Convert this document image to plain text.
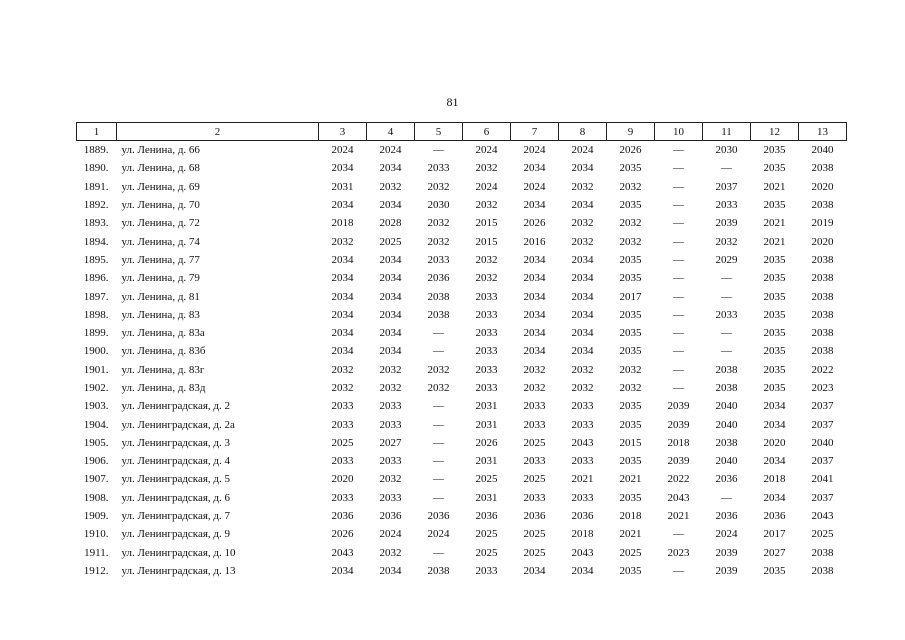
81
1	2	3	4	5	6	7	8	9	10	11	12	13
1889.	ул. Ленина, д. 66	2024	2024	—	2024	2024	2024	2026	—	2030	2035	2040
1890.	ул. Ленина, д. 68	2034	2034	2033	2032	2034	2034	2035	—	—	2035	2038
1891.	ул. Ленина, д. 69	2031	2032	2032	2024	2024	2032	2032	—	2037	2021	2020
1892.	ул. Ленина, д. 70	2034	2034	2030	2032	2034	2034	2035	—	2033	2035	2038
1893.	ул. Ленина, д. 72	2018	2028	2032	2015	2026	2032	2032	—	2039	2021	2019
1894.	ул. Ленина, д. 74	2032	2025	2032	2015	2016	2032	2032	—	2032	2021	2020
1895.	ул. Ленина, д. 77	2034	2034	2033	2032	2034	2034	2035	—	2029	2035	2038
1896.	ул. Ленина, д. 79	2034	2034	2036	2032	2034	2034	2035	—	—	2035	2038
1897.	ул. Ленина, д. 81	2034	2034	2038	2033	2034	2034	2017	—	—	2035	2038
1898.	ул. Ленина, д. 83	2034	2034	2038	2033	2034	2034	2035	—	2033	2035	2038
1899.	ул. Ленина, д. 83а	2034	2034	—	2033	2034	2034	2035	—	—	2035	2038
1900.	ул. Ленина, д. 83б	2034	2034	—	2033	2034	2034	2035	—	—	2035	2038
1901.	ул. Ленина, д. 83г	2032	2032	2032	2033	2032	2032	2032	—	2038	2035	2022
1902.	ул. Ленина, д. 83д	2032	2032	2032	2033	2032	2032	2032	—	2038	2035	2023
1903.	ул. Ленинградская, д. 2	2033	2033	—	2031	2033	2033	2035	2039	2040	2034	2037
1904.	ул. Ленинградская, д. 2а	2033	2033	—	2031	2033	2033	2035	2039	2040	2034	2037
1905.	ул. Ленинградская, д. 3	2025	2027	—	2026	2025	2043	2015	2018	2038	2020	2040
1906.	ул. Ленинградская, д. 4	2033	2033	—	2031	2033	2033	2035	2039	2040	2034	2037
1907.	ул. Ленинградская, д. 5	2020	2032	—	2025	2025	2021	2021	2022	2036	2018	2041
1908.	ул. Ленинградская, д. 6	2033	2033	—	2031	2033	2033	2035	2043	—	2034	2037
1909.	ул. Ленинградская, д. 7	2036	2036	2036	2036	2036	2036	2018	2021	2036	2036	2043
1910.	ул. Ленинградская, д. 9	2026	2024	2024	2025	2025	2018	2021	—	2024	2017	2025
1911.	ул. Ленинградская, д. 10	2043	2032	—	2025	2025	2043	2025	2023	2039	2027	2038
1912.	ул. Ленинградская, д. 13	2034	2034	2038	2033	2034	2034	2035	—	2039	2035	2038
